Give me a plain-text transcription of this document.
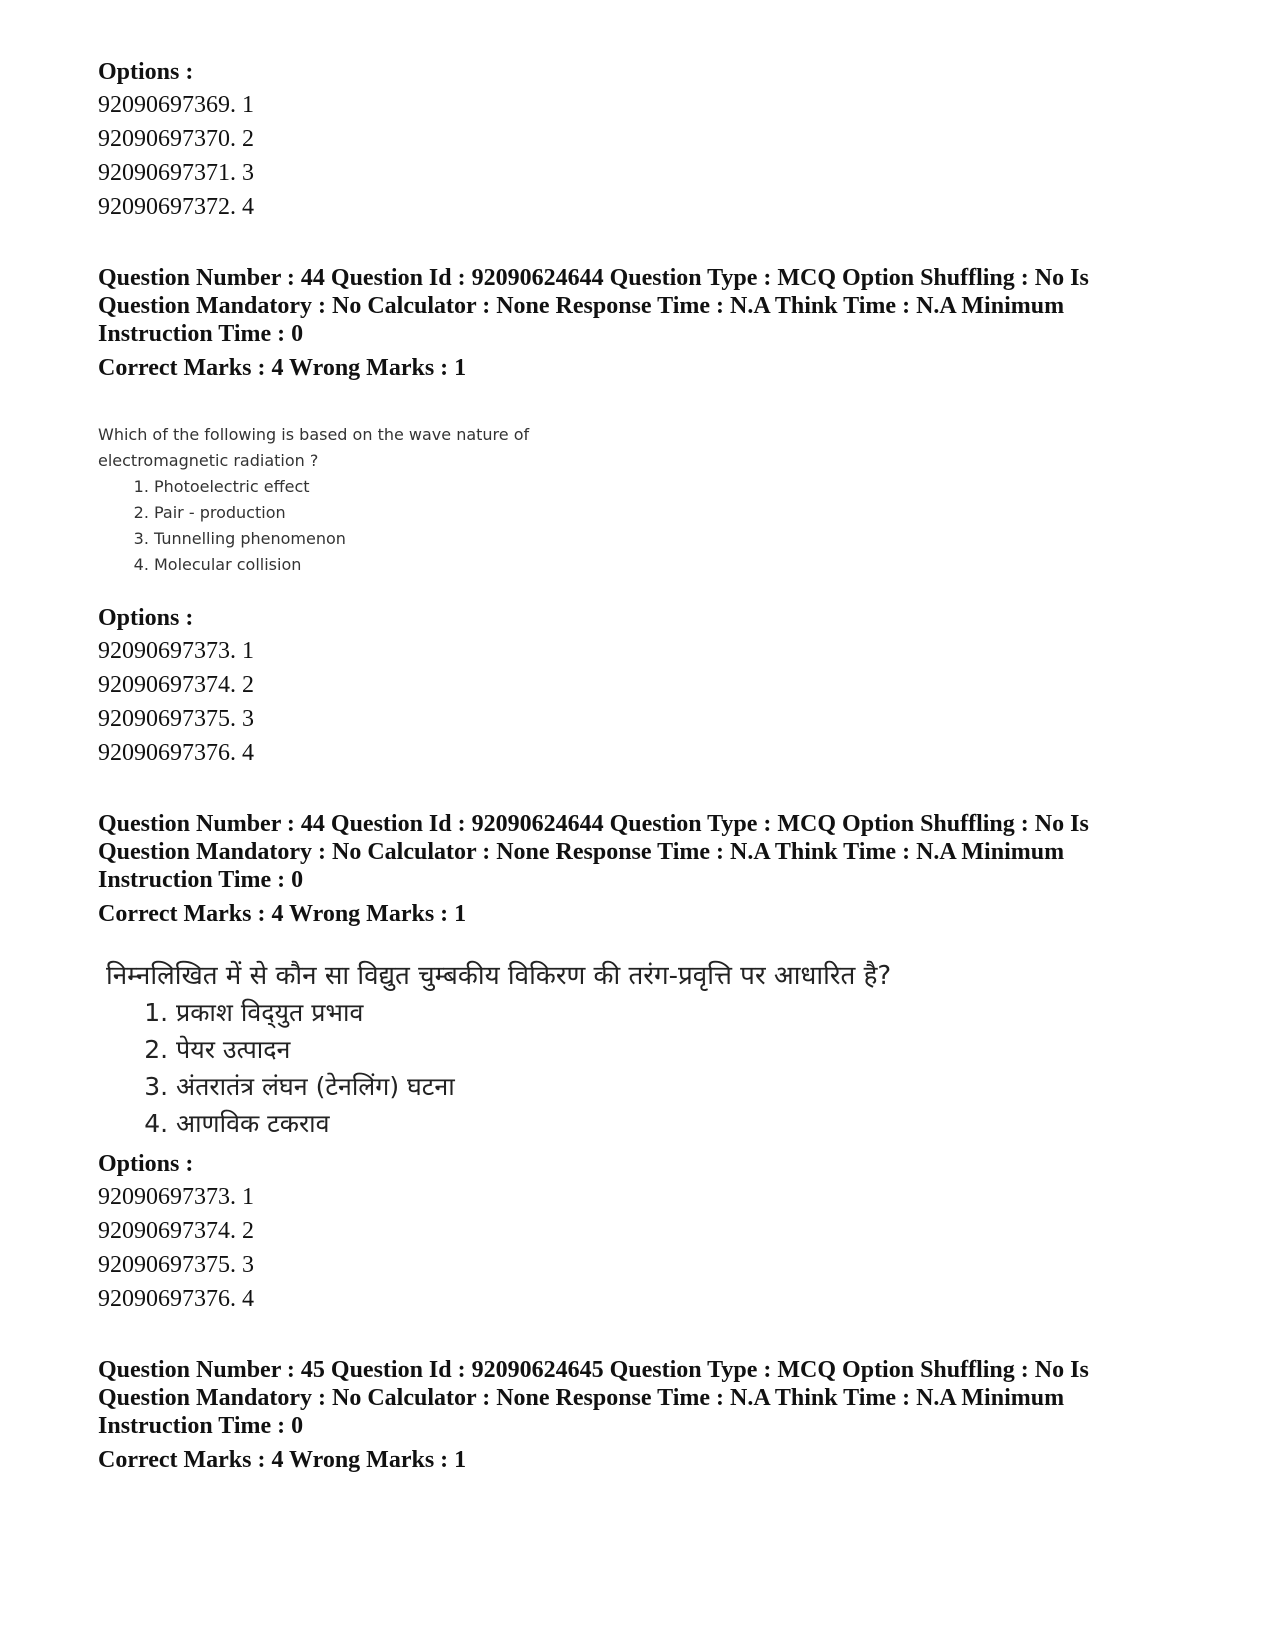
Options :

92090697369. 1

92090697370. 2

92090697371. 3

92090697372. 4

Question Number : 44 Question Id : 92090624644 Question Type : MCQ Option Shuffling : No Is Question Mandatory : No Calculator : None Response Time : N.A Think Time : N.A Minimum Instruction Time : 0

Correct Marks : 4 Wrong Marks : 1

Which of the following is based on the wave nature of electromagnetic radiation ?

1. Photoelectric effect
2. Pair - production
3. Tunnelling phenomenon
4. Molecular collision

Options :

92090697373. 1

92090697374. 2

92090697375. 3

92090697376. 4

Question Number : 44 Question Id : 92090624644 Question Type : MCQ Option Shuffling : No Is Question Mandatory : No Calculator : None Response Time : N.A Think Time : N.A Minimum Instruction Time : 0

Correct Marks : 4 Wrong Marks : 1

निम्नलिखित में से कौन सा विद्युत चुम्बकीय विकिरण की तरंग-प्रवृत्ति पर आधारित है?

1. प्रकाश विद्‌युत प्रभाव
2. पेयर उत्पादन
3. अंतरातंत्र लंघन (टेनलिंग) घटना
4. आणविक टकराव

Options :

92090697373. 1

92090697374. 2

92090697375. 3

92090697376. 4

Question Number : 45 Question Id : 92090624645 Question Type : MCQ Option Shuffling : No Is Question Mandatory : No Calculator : None Response Time : N.A Think Time : N.A Minimum Instruction Time : 0

Correct Marks : 4 Wrong Marks : 1
